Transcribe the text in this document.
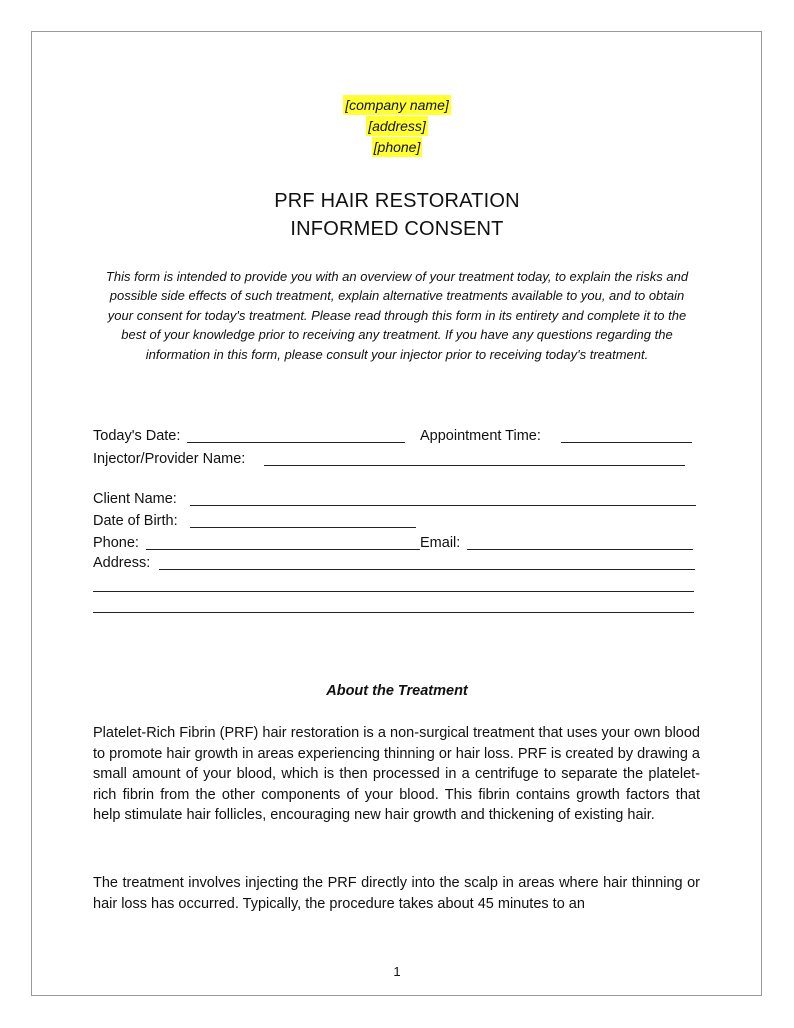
[company name]
[address]
[phone]
PRF HAIR RESTORATION
INFORMED CONSENT
This form is intended to provide you with an overview of your treatment today, to explain the risks and possible side effects of such treatment, explain alternative treatments available to you, and to obtain your consent for today's treatment. Please read through this form in its entirety and complete it to the best of your knowledge prior to receiving any treatment. If you have any questions regarding the information in this form, please consult your injector prior to receiving today's treatment.
Today's Date:	Appointment Time:
Injector/Provider Name:
Client Name:
Date of Birth:
Phone:	Email:
Address:
About the Treatment
Platelet-Rich Fibrin (PRF) hair restoration is a non-surgical treatment that uses your own blood to promote hair growth in areas experiencing thinning or hair loss. PRF is created by drawing a small amount of your blood, which is then processed in a centrifuge to separate the platelet-rich fibrin from the other components of your blood. This fibrin contains growth factors that help stimulate hair follicles, encouraging new hair growth and thickening of existing hair.
The treatment involves injecting the PRF directly into the scalp in areas where hair thinning or hair loss has occurred. Typically, the procedure takes about 45 minutes to an
1
